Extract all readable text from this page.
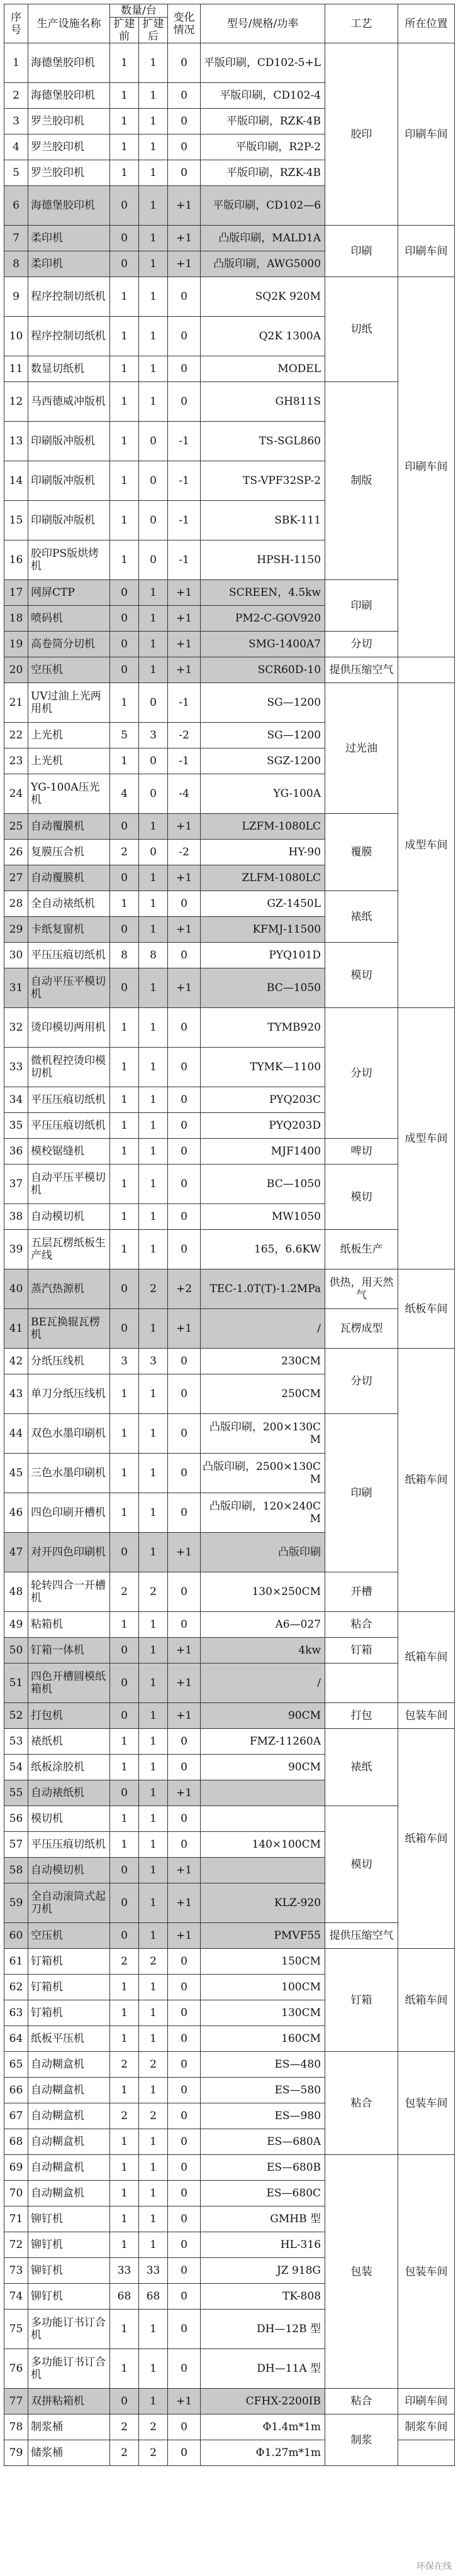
序号	生产设施名称	数量/台		变化情况	型号/规格/功率	工艺	所在位置
		扩建前	扩建后				
1	海德堡胶印机	1	1	0	平版印刷，CD102-5+L	胶印	印刷车间
2	海德堡胶印机	1	1	0	平版印刷，CD102-4		
3	罗兰胶印机	1	1	0	平版印刷，RZK-4B		
4	罗兰胶印机	1	1	0	平版印刷，R2P-2		
5	罗兰胶印机	1	1	0	平版印刷，RZK-4B		
6	海德堡胶印机	0	1	+1	平版印刷，CD102—6		
7	柔印机	0	1	+1	凸版印刷，MALD1A	印刷	印刷车间
8	柔印机	0	1	+1	凸版印刷，AWG5000		
9	程序控制切纸机	1	1	0	SQ2K 920M	切纸	印刷车间
10	程序控制切纸机	1	1	0	Q2K 1300A		
11	数显切纸机	1	1	0	MODEL		
12	马西德威冲版机	1	1	0	GH811S	制版	
13	印刷版冲版机	1	0	-1	TS-SGL860		
14	印刷版冲版机	1	0	-1	TS-VPF32SP-2		
15	印刷版冲版机	1	0	-1	SBK-111		
16	胶印PS版烘烤机	1	0	-1	HPSH-1150		
17	网屏CTP	0	1	+1	SCREEN，4.5kw	印刷	
18	喷码机	0	1	+1	PM2-C-GOV920		
19	高卷筒分切机	0	1	+1	SMG-1400A7	分切	
20	空压机	0	1	+1	SCR60D-10	提供压缩空气	
21	UV过油上光两用机	1	0	-1	SG—1200	过光油	成型车间
22	上光机	5	3	-2	SG—1200		
23	上光机	1	0	-1	SGZ-1200		
24	YG-100A压光机	4	0	-4	YG-100A		
25	自动覆膜机	0	1	+1	LZFM-1080LC	覆膜	
26	复膜压合机	2	0	-2	HY-90		
27	自动覆膜机	0	1	+1	ZLFM-1080LC		
28	全自动裱纸机	1	1	0	GZ-1450L	裱纸	
29	卡纸复窗机	0	1	+1	KFMJ-11500		
30	平压压痕切纸机	8	8	0	PYQ101D	模切	
31	自动平压平模切机	0	1	+1	BC—1050		
32	烫印模切两用机	1	1	0	TYMB920	分切	成型车间
33	微机程控烫印模切机	1	1	0	TYMK—1100		
34	平压压痕切纸机	1	1	0	PYQ203C		
35	平压压痕切纸机	1	1	0	PYQ203D		
36	模校锯缝机	1	1	0	MJF1400	啤切	
37	自动平压平模切机	1	1	0	BC—1050	模切	
38	自动模切机	1	1	0	MW1050		
39	五层瓦楞纸板生产线	1	1	0	165，6.6KW	纸板生产	
40	蒸汽热源机	0	2	+2	TEC-1.0T(T)-1.2MPa	供热，用天然气	纸板车间
41	BE瓦换辊瓦楞机	0	1	+1	/	瓦楞成型	
42	分纸压线机	3	3	0	230CM	分切	纸箱车间
43	单刀分纸压线机	1	1	0	250CM		
44	双色水墨印刷机	1	1	0	凸版印刷，200×130CM	印刷	
45	三色水墨印刷机	1	1	0	凸版印刷，2500×130CM		
46	四色印刷开槽机	1	1	0	凸版印刷，120×240CM		
47	对开四色印刷机	0	1	+1	凸版印刷		
48	轮转四合一开槽机	2	2	0	130×250CM	开槽	
49	粘箱机	1	1	0	A6—027	粘合	纸箱车间
50	钉箱一体机	0	1	+1	4kw	钉箱	
51	四色开槽圆模纸箱机	0	1	+1	/		
52	打包机	0	1	+1	90CM	打包	包装车间
53	裱纸机	1	1	0	FMZ-11260A	裱纸	纸箱车间
54	纸板涂胶机	1	1	0	90CM		
55	自动裱纸机	0	1	+1			
56	模切机	1	1	0		模切	
57	平压压痕切纸机	1	1	0	140×100CM		
58	自动模切机	0	1	+1			
59	全自动滚筒式起刀机	0	1	+1	KLZ-920		
60	空压机	0	1	+1	PMVF55	提供压缩空气	
61	钉箱机	2	2	0	150CM	钉箱	纸箱车间
62	钉箱机	1	1	0	100CM		
63	钉箱机	1	1	0	130CM		
64	纸板平压机	1	1	0	160CM		
65	自动糊盒机	2	2	0	ES—480	粘合	包装车间
66	自动糊盒机	1	1	0	ES—580		
67	自动糊盒机	2	2	0	ES—980		
68	自动糊盒机	1	1	0	ES—680A		
69	自动糊盒机	1	1	0	ES—680B	包装	包装车间
70	自动糊盒机	1	1	0	ES—680C		
71	铆钉机	1	1	0	GMHB 型		
72	铆钉机	1	1	0	HL-316		
73	铆钉机	33	33	0	JZ 918G		
74	铆钉机	68	68	0	TK-808		
75	多功能订书订合机	1	1	0	DH—12B 型		
76	多功能订书订合机	1	1	0	DH—11A 型		
77	双拼粘箱机	0	1	+1	CFHX-2200IB	粘合	印刷车间
78	制浆桶	2	2	0	Φ1.4m*1m	制浆	制浆车间
79	储浆桶	2	2	0	Φ1.27m*1m		
环保在线
